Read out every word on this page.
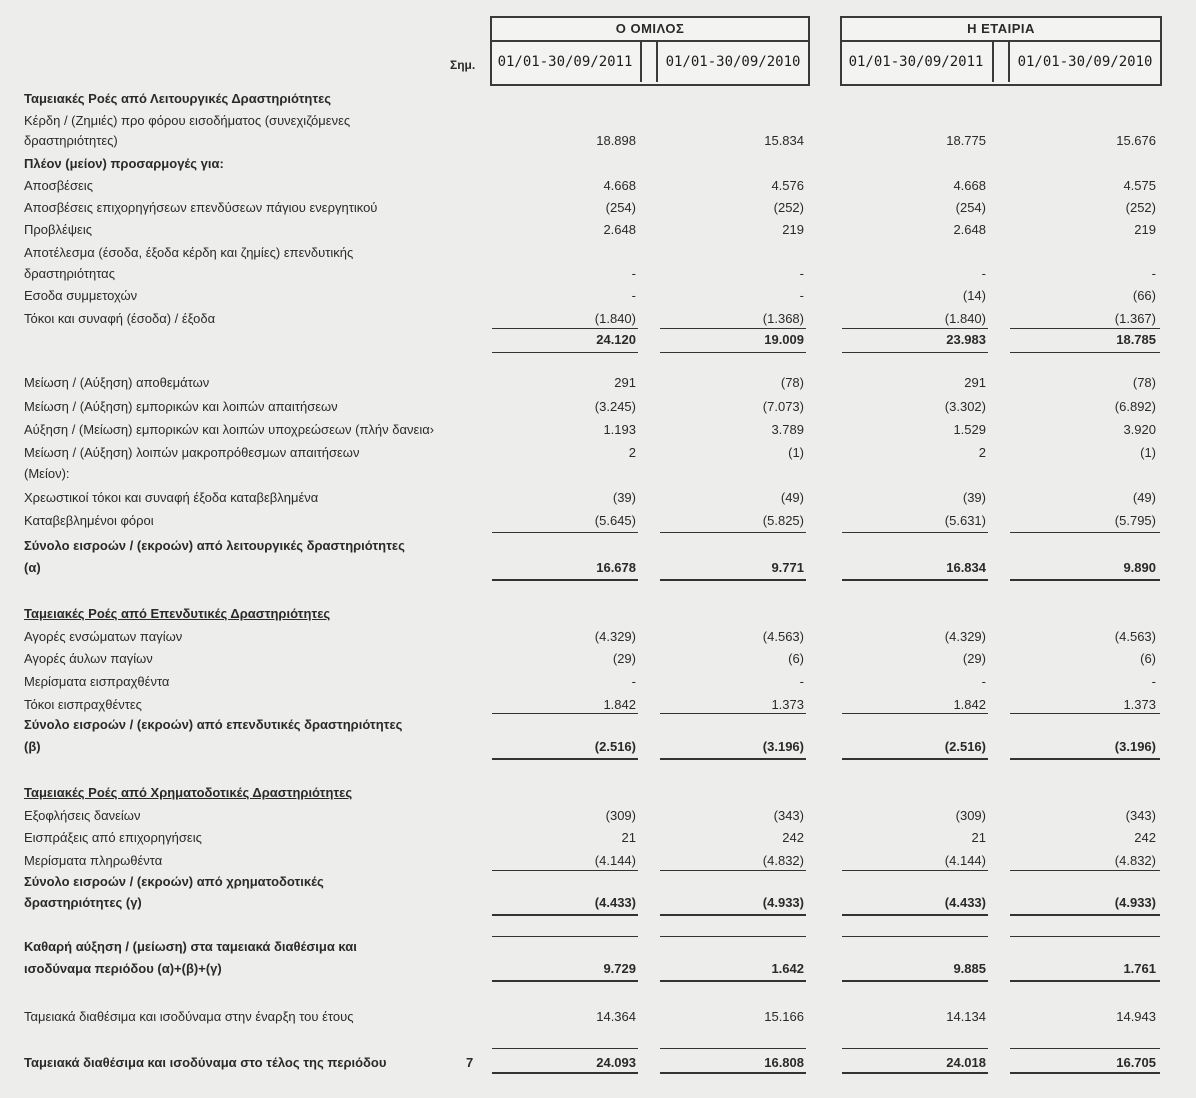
Ο ΟΜΙΛΟΣ
01/01-30/09/2011	01/01-30/09/2010
Η ΕΤΑΙΡΙΑ
01/01-30/09/2011	01/01-30/09/2010
Σημ.
Ταμειακές Ροές από Λειτουργικές Δραστηριότητες
Κέρδη / (Ζημιές) προ φόρου εισοδήματος (συνεχιζόμενες
δραστηριότητες)	18.898	15.834	18.775	15.676
Πλέον (μείον) προσαρμογές για:
Αποσβέσεις	4.668	4.576	4.668	4.575
Αποσβέσεις επιχορηγήσεων επενδύσεων πάγιου ενεργητικού	(254)	(252)	(254)	(252)
Προβλέψεις	2.648	219	2.648	219
Αποτέλεσμα (έσοδα, έξοδα κέρδη και ζημίες) επενδυτικής
δραστηριότητας	-	-	-	-
Εσοδα συμμετοχών	-	-	(14)	(66)
Τόκοι και συναφή (έσοδα) / έξοδα	(1.840)	(1.368)	(1.840)	(1.367)
24.120	19.009	23.983	18.785
Μείωση / (Αύξηση) αποθεμάτων	291	(78)	291	(78)
Μείωση / (Αύξηση) εμπορικών και λοιπών απαιτήσεων	(3.245)	(7.073)	(3.302)	(6.892)
Αύξηση / (Μείωση) εμπορικών και λοιπών υποχρεώσεων (πλήν δανεια›	1.193	3.789	1.529	3.920
Μείωση / (Αύξηση) λοιπών μακροπρόθεσμων απαιτήσεων	2	(1)	2	(1)
(Μείον):
Χρεωστικοί τόκοι και συναφή έξοδα καταβεβλημένα	(39)	(49)	(39)	(49)
Καταβεβλημένοι φόροι	(5.645)	(5.825)	(5.631)	(5.795)
Σύνολο εισροών / (εκροών) από λειτουργικές δραστηριότητες
(α)	16.678	9.771	16.834	9.890
Ταμειακές Ροές από Επενδυτικές Δραστηριότητες
Αγορές ενσώματων παγίων	(4.329)	(4.563)	(4.329)	(4.563)
Αγορές άυλων παγίων	(29)	(6)	(29)	(6)
Μερίσματα εισπραχθέντα	-	-	-	-
Τόκοι εισπραχθέντες	1.842	1.373	1.842	1.373
Σύνολο εισροών / (εκροών) από επενδυτικές δραστηριότητες
(β)	(2.516)	(3.196)	(2.516)	(3.196)
Ταμειακές Ροές από Χρηματοδοτικές Δραστηριότητες
Εξοφλήσεις δανείων	(309)	(343)	(309)	(343)
Εισπράξεις από επιχορηγήσεις	21	242	21	242
Μερίσματα πληρωθέντα	(4.144)	(4.832)	(4.144)	(4.832)
Σύνολο εισροών / (εκροών) από χρηματοδοτικές
δραστηριότητες (γ)	(4.433)	(4.933)	(4.433)	(4.933)
Καθαρή αύξηση / (μείωση) στα ταμειακά διαθέσιμα και
ισοδύναμα περιόδου (α)+(β)+(γ)	9.729	1.642	9.885	1.761
Ταμειακά διαθέσιμα και ισοδύναμα στην έναρξη του έτους	14.364	15.166	14.134	14.943
Ταμειακά διαθέσιμα και ισοδύναμα στο τέλος της περιόδου	7	24.093	16.808	24.018	16.705
